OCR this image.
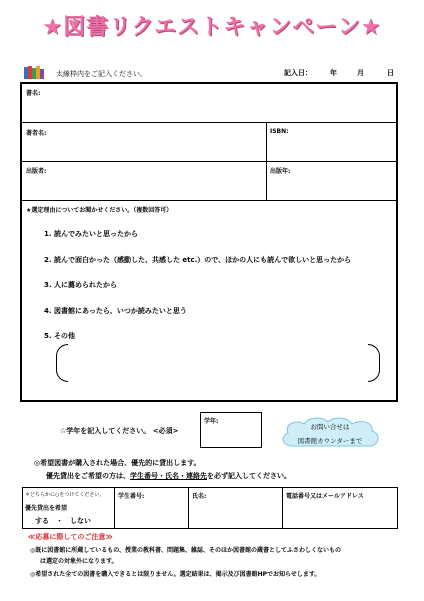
★図書リクエストキャンペーン★
太線枠内をご記入ください。	記入日：	年	月	日
書名:
著者名:	ISBN:
出版者:	出版年:
★選定理由についてお聞かせください。（複数回答可）
1. 読んでみたいと思ったから
2. 読んで面白かった（感動した、共感した etc.）ので、ほかの人にも読んで欲しいと思ったから
3. 人に薦められたから
4. 図書館にあったら、いつか読みたいと思う
5. その他
☆学年を記入してください。 <必須>
学年:
お問い合せは
図書館カウンターまで
◎希望図書が購入された場合、優先的に貸出します。
優先貸出をご希望の方は、学生番号・氏名・連絡先を必ず記入してください。
＊どちらかに○をつけてください。
優先貸出を希望
する　・　しない
学生番号:	氏名:	電話番号又はメールアドレス
≪応募に際してのご注意≫
◎既に図書館に所蔵しているもの、授業の教科書、問題集、雑誌、そのほか図書館の蔵書としてふさわしくないもの
は選定の対象外になります。
◎希望された全ての図書を購入できるとは限りません。選定結果は、掲示及び図書館HPでお知らせします。
